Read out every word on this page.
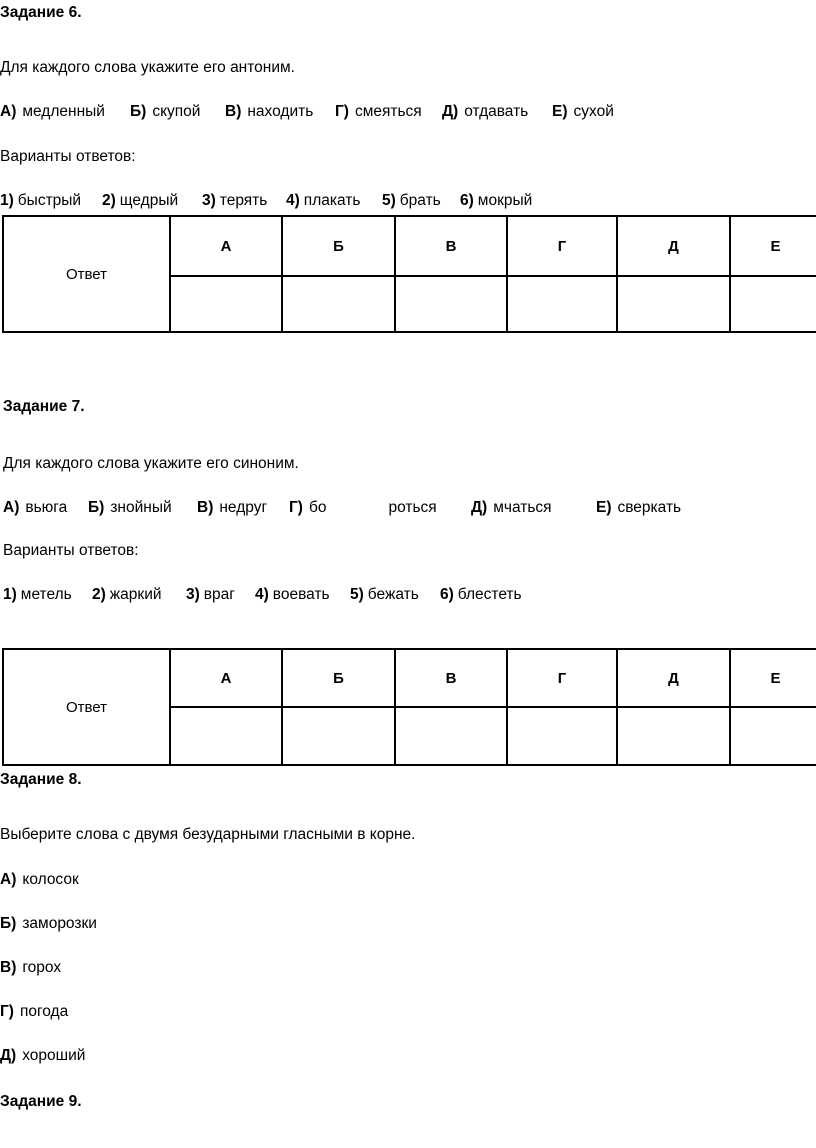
Задание 6.
Для каждого слова укажите его антоним.
А) медленный Б) скупой В) находить Г) смеяться Д) отдавать Е) сухой
Варианты ответов:
1) быстрый 2) щедрый 3) терять 4) плакать 5) брать 6) мокрый
Ответ	А	Б	В	Г	Д	Е

Задание 7.
Для каждого слова укажите его синоним.
А) вьюга Б) знойный В) недруг Г) бо	роться Д) мчаться	Е) сверкать
Варианты ответов:
1) метель 2) жаркий 3) враг 4) воевать 5) бежать 6) блестеть
Ответ	А	Б	В	Г	Д	Е

Задание 8.
Выберите слова с двумя безударными гласными в корне.
А) колосок
Б) заморозки
В) горох
Г) погода
Д) хороший
Задание 9.
